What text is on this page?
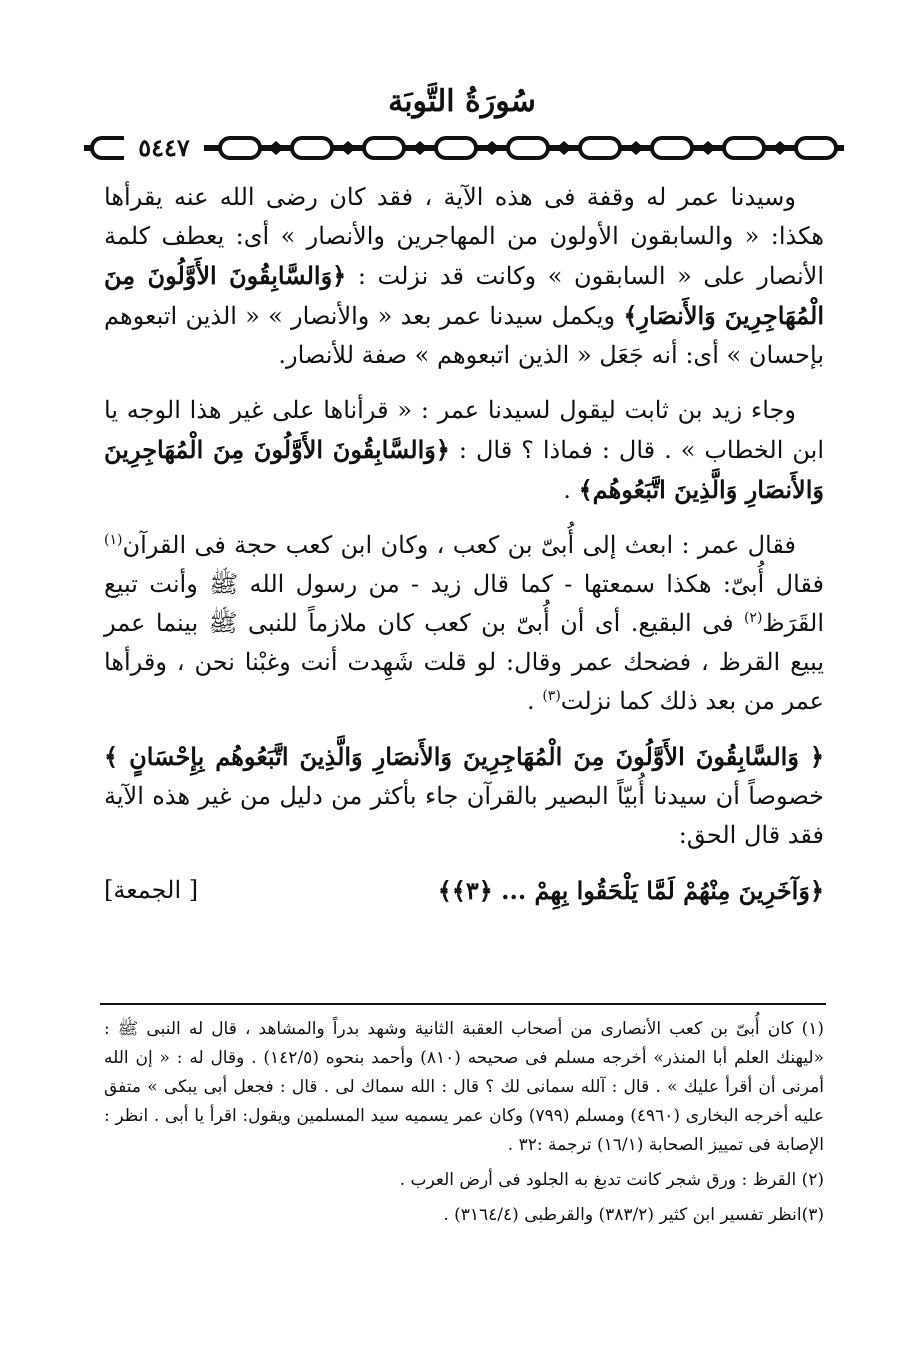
سُورَةُ التَّوبَة
٥٤٤٧

وسيدنا عمر له وقفة فى هذه الآية ، فقد كان رضى الله عنه يقرأها هكذا: « والسابقون الأولون من المهاجرين والأنصار » أى: يعطف كلمة الأنصار على « السابقون » وكانت قد نزلت : ﴿وَالسَّابِقُونَ الأَوَّلُونَ مِنَ الْمُهَاجِرِينَ وَالأَنصَارِ﴾ ويكمل سيدنا عمر بعد « والأنصار » « الذين اتبعوهم بإحسان » أى: أنه جَعَل « الذين اتبعوهم » صفة للأنصار.

وجاء زيد بن ثابت ليقول لسيدنا عمر : « قرأناها على غير هذا الوجه يا ابن الخطاب » . قال : فماذا ؟ قال : ﴿وَالسَّابِقُونَ الأَوَّلُونَ مِنَ الْمُهَاجِرِينَ وَالأَنصَارِ وَالَّذِينَ اتَّبَعُوهُم﴾ .

فقال عمر : ابعث إلى أُبىّ بن كعب ، وكان ابن كعب حجة فى القرآن$^{(١)}$ فقال أُبىّ: هكذا سمعتها - كما قال زيد - من رسول الله ﷺ وأنت تبيع القَرَظ$^{(٢)}$ فى البقيع. أى أن أُبىّ بن كعب كان ملازماً للنبى ﷺ بينما عمر يبيع القرظ ، فضحك عمر وقال: لو قلت شَهِدت أنت وغبْنا نحن ، وقرأها عمر من بعد ذلك كما نزلت$^{(٣)}$ .

﴿ وَالسَّابِقُونَ الأَوَّلُونَ مِنَ الْمُهَاجِرِينَ وَالأَنصَارِ وَالَّذِينَ اتَّبَعُوهُم بِإِحْسَانٍ ﴾ خصوصاً أن سيدنا أُبيّاً البصير بالقرآن جاء بأكثر من دليل من غير هذه الآية فقد قال الحق:

﴿وَآخَرِينَ مِنْهُمْ لَمَّا يَلْحَقُوا بِهِمْ ... ﴿٣﴾﴾
[ الجمعة]

(١) كان أُبىّ بن كعب الأنصارى من أصحاب العقبة الثانية وشهد بدراً والمشاهد ، قال له النبى ﷺ : «ليهنك العلم أبا المنذر» أخرجه مسلم فى صحيحه (٨١٠) وأحمد بنحوه (١٤٢/٥) . وقال له : « إن الله أمرنى أن أقرأ عليك » . قال : آلله سمانى لك ؟ قال : الله سماك لى . قال : فجعل أبى يبكى » متفق عليه أخرجه البخارى (٤٩٦٠) ومسلم (٧٩٩) وكان عمر يسميه سيد المسلمين ويقول: اقرأ يا أبى . انظر : الإصابة فى تمييز الصحابة (١٦/١) ترجمة :٣٢ .

(٢) القرظ : ورق شجر كانت تدبغ به الجلود فى أرض العرب .

(٣)انظر تفسير ابن كثير (٣٨٣/٢) والقرطبى (٣١٦٤/٤) .
